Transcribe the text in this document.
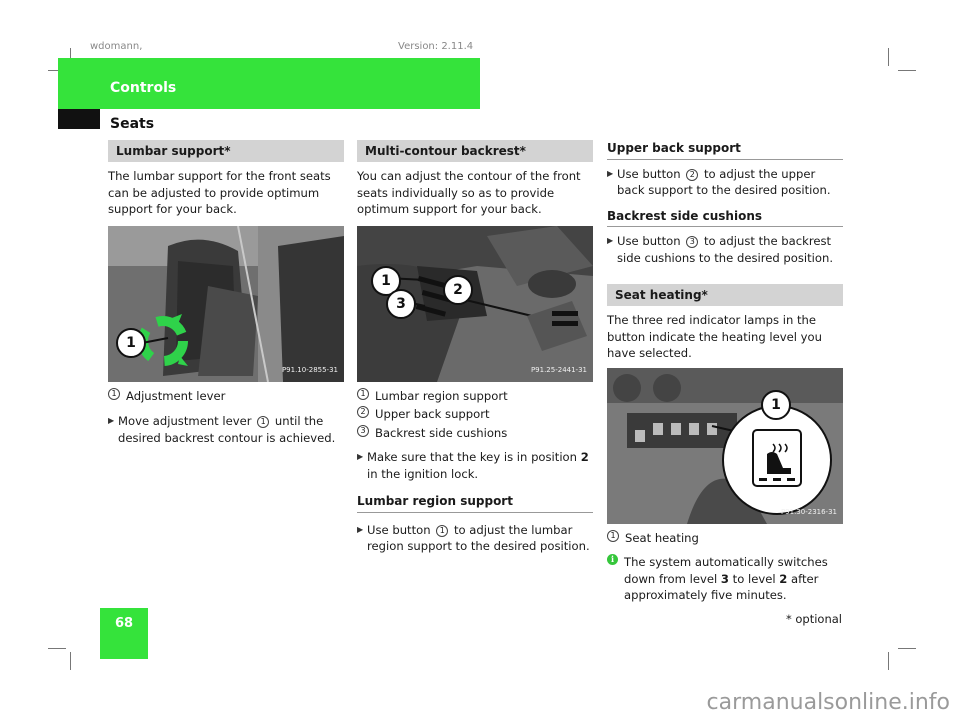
wdomann,	Version: 2.11.4
Controls
Seats
Lumbar support*

The lumbar support for the front seats can be adjusted to provide optimum support for your back.

1
P91.10-2855-31
1 Adjustment lever
▶ Move adjustment lever 1 until the desired backrest contour is achieved.
Multi-contour backrest*

You can adjust the contour of the front seats individually so as to provide optimum support for your back.

1
2
3
P91.25-2441-31
1 Lumbar region support
2 Upper back support
3 Backrest side cushions
▶ Make sure that the key is in position 2 in the ignition lock.
Lumbar region support
▶ Use button 1 to adjust the lumbar region support to the desired position.
Upper back support
▶ Use button 2 to adjust the upper back support to the desired position.
Backrest side cushions
▶ Use button 3 to adjust the backrest side cushions to the desired position.
Seat heating*

The three red indicator lamps in the button indicate the heating level you have selected.

1
P91.30-2316-31
1 Seat heating
i The system automatically switches down from level 3 to level 2 after approximately five minutes.
68	* optional
carmanualsonline.info
